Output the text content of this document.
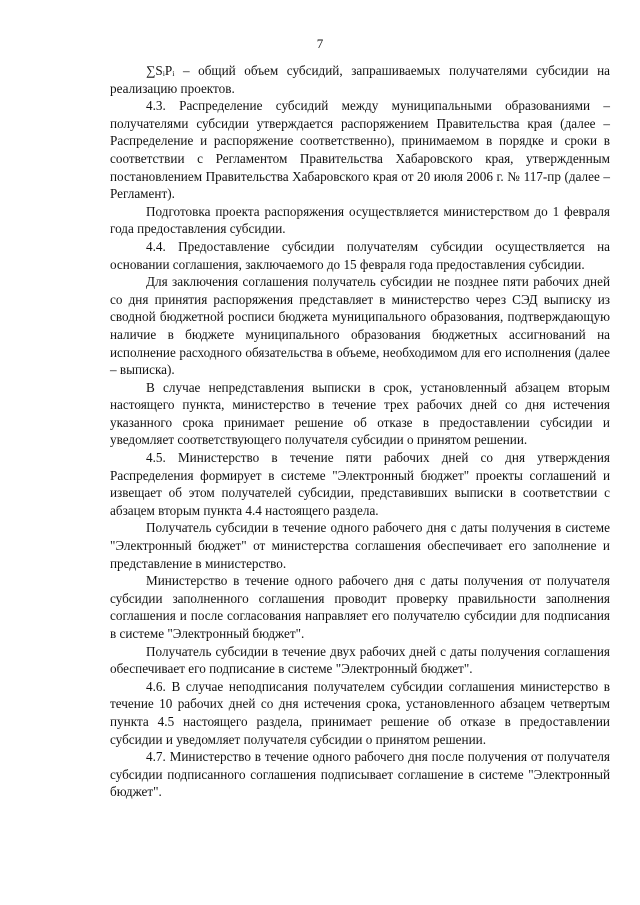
7

∑SᵢPᵢ – общий объем субсидий, запрашиваемых получателями субсидии на реализацию проектов.

4.3. Распределение субсидий между муниципальными образованиями – получателями субсидии утверждается распоряжением Правительства края (далее – Распределение и распоряжение соответственно), принимаемом в порядке и сроки в соответствии с Регламентом Правительства Хабаровского края, утвержденным постановлением Правительства Хабаровского края от 20 июля 2006 г. № 117-пр (далее – Регламент).

Подготовка проекта распоряжения осуществляется министерством до 1 февраля года предоставления субсидии.

4.4. Предоставление субсидии получателям субсидии осуществляется на основании соглашения, заключаемого до 15 февраля года предоставления субсидии.

Для заключения соглашения получатель субсидии не позднее пяти рабочих дней со дня принятия распоряжения представляет в министерство через СЭД выписку из сводной бюджетной росписи бюджета муниципального образования, подтверждающую наличие в бюджете муниципального образования бюджетных ассигнований на исполнение расходного обязательства в объеме, необходимом для его исполнения (далее – выписка).

В случае непредставления выписки в срок, установленный абзацем вторым настоящего пункта, министерство в течение трех рабочих дней со дня истечения указанного срока принимает решение об отказе в предоставлении субсидии и уведомляет соответствующего получателя субсидии о принятом решении.

4.5. Министерство в течение пяти рабочих дней со дня утверждения Распределения формирует в системе "Электронный бюджет" проекты соглашений и извещает об этом получателей субсидии, представивших выписки в соответствии с абзацем вторым пункта 4.4 настоящего раздела.

Получатель субсидии в течение одного рабочего дня с даты получения в системе "Электронный бюджет" от министерства соглашения обеспечивает его заполнение и представление в министерство.

Министерство в течение одного рабочего дня с даты получения от получателя субсидии заполненного соглашения проводит проверку правильности заполнения соглашения и после согласования направляет его получателю субсидии для подписания в системе "Электронный бюджет".

Получатель субсидии в течение двух рабочих дней с даты получения соглашения обеспечивает его подписание в системе "Электронный бюджет".

4.6. В случае неподписания получателем субсидии соглашения министерство в течение 10 рабочих дней со дня истечения срока, установленного абзацем четвертым пункта 4.5 настоящего раздела, принимает решение об отказе в предоставлении субсидии и уведомляет получателя субсидии о принятом решении.

4.7. Министерство в течение одного рабочего дня после получения от получателя субсидии подписанного соглашения подписывает соглашение в системе "Электронный бюджет".
